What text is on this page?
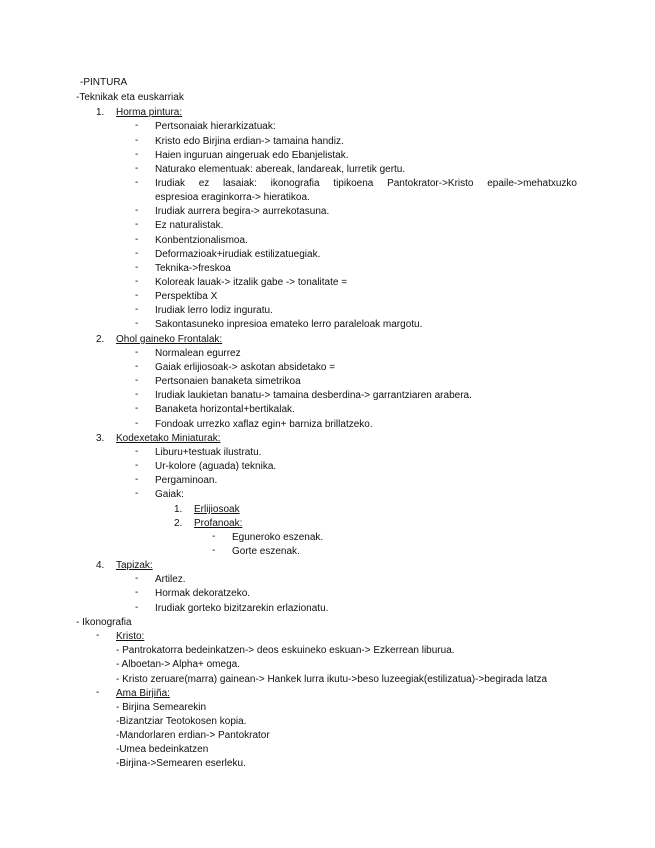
-PINTURA
-Teknikak eta euskarriak
1. Horma pintura:
- Pertsonaiak hierarkizatuak:
- Kristo edo Birjina erdian-> tamaina handiz.
- Haien inguruan aingeruak edo Ebanjelistak.
- Naturako elementuak: abereak, landareak, lurretik gertu.
- Irudiak ez lasaiak: ikonografia tipikoena Pantokrator->Kristo epaile->mehatxuzko
espresioa eraginkorra-> hieratikoa.
- Irudiak aurrera begira-> aurrekotasuna.
- Ez naturalistak.
- Konbentzionalismoa.
- Deformazioak+irudiak estilizatuegiak.
- Teknika->freskoa
- Koloreak lauak-> itzalik gabe -> tonalitate =
- Perspektiba X
- Irudiak lerro lodiz inguratu.
- Sakontasuneko inpresioa emateko lerro paraleloak margotu.
2. Ohol gaineko Frontalak:
- Normalean egurrez
- Gaiak erlijiosoak-> askotan absidetako =
- Pertsonaien banaketa simetrikoa
- Irudiak laukietan banatu-> tamaina desberdina-> garrantziaren arabera.
- Banaketa horizontal+bertikalak.
- Fondoak urrezko xaflaz egin+ barniza brillatzeko.
3. Kodexetako Miniaturak:
- Liburu+testuak ilustratu.
- Ur-kolore (aguada) teknika.
- Pergaminoan.
- Gaiak:
1. Erlijiosoak
2. Profanoak:
- Eguneroko eszenak.
- Gorte eszenak.
4. Tapizak:
- Artilez.
- Hormak dekoratzeko.
- Irudiak gorteko bizitzarekin erlazionatu.
- Ikonografia
- Kristo:
- Pantrokatorra bedeinkatzen-> deos eskuineko eskuan-> Ezkerrean liburua.
- Alboetan-> Alpha+ omega.
- Kristo zeruare(marra) gainean-> Hankek lurra ikutu->beso luzeegiak(estilizatua)->begirada latza
- Ama Birjiña:
- Birjina Semearekin
-Bizantziar Teotokosen kopia.
-Mandorlaren erdian-> Pantokrator
-Umea bedeinkatzen
-Birjina->Semearen eserleku.
